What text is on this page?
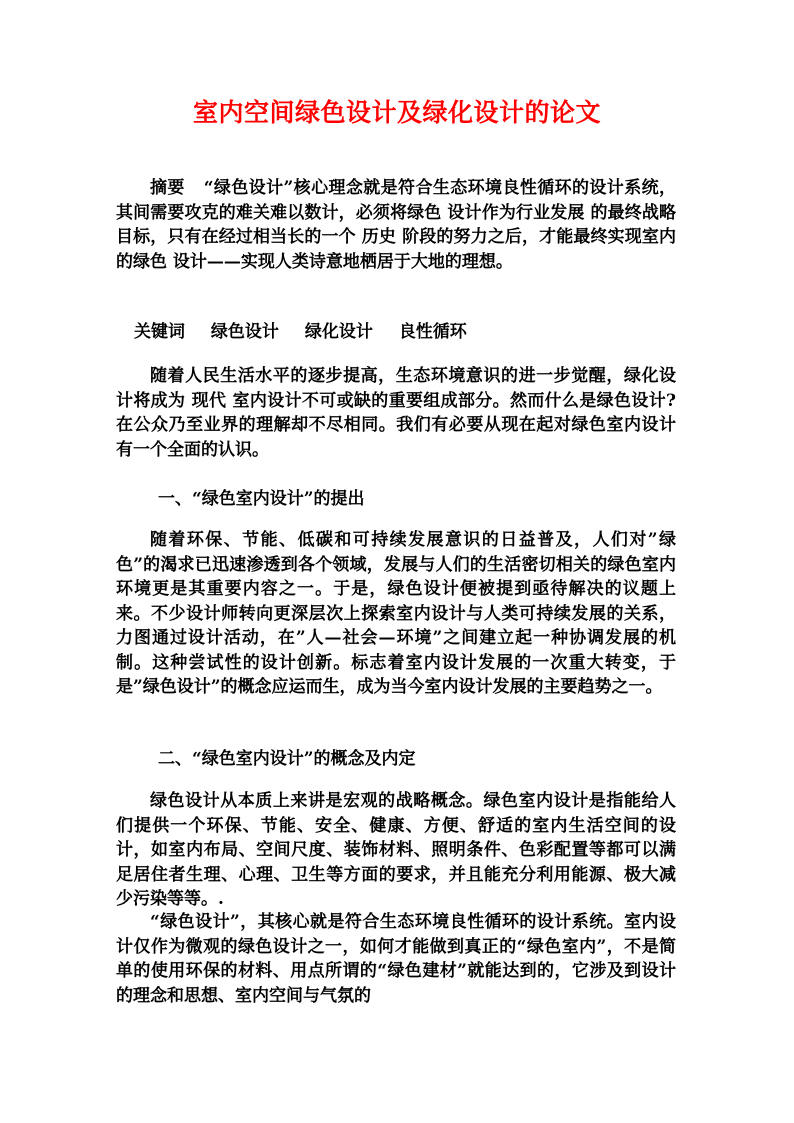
室内空间绿色设计及绿化设计的论文

摘要 “绿色设计”核心理念就是符合生态环境良性循环的设计系统，其间需要攻克的难关难以数计，必须将绿色 设计作为行业发展 的最终战略目标，只有在经过相当长的一个 历史 阶段的努力之后，才能最终实现室内的绿色 设计——实现人类诗意地栖居于大地的理想。

关键词 绿色设计 绿化设计 良性循环

随着人民生活水平的逐步提高，生态环境意识的进一步觉醒，绿化设计将成为 现代 室内设计不可或缺的重要组成部分。然而什么是绿色设计?在公众乃至业界的理解却不尽相同。我们有必要从现在起对绿色室内设计有一个全面的认识。

一、“绿色室内设计”的提出

随着环保、节能、低碳和可持续发展意识的日益普及，人们对”绿色”的渴求已迅速渗透到各个领域，发展与人们的生活密切相关的绿色室内环境更是其重要内容之一。于是，绿色设计便被提到亟待解决的议题上来。不少设计师转向更深层次上探索室内设计与人类可持续发展的关系，力图通过设计活动，在”人—社会—环境”之间建立起一种协调发展的机制。这种尝试性的设计创新。标志着室内设计发展的一次重大转变，于是”绿色设计”的概念应运而生，成为当今室内设计发展的主要趋势之一。

二、“绿色室内设计”的概念及内定

绿色设计从本质上来讲是宏观的战略概念。绿色室内设计是指能给人们提供一个环保、节能、安全、健康、方便、舒适的室内生活空间的设计，如室内布局、空间尺度、装饰材料、照明条件、色彩配置等都可以满足居住者生理、心理、卫生等方面的要求，并且能充分利用能源、极大减少污染等等。.

“绿色设计”，其核心就是符合生态环境良性循环的设计系统。室内设计仅作为微观的绿色设计之一，如何才能做到真正的“绿色室内”，不是简单的使用环保的材料、用点所谓的“绿色建材”就能达到的，它涉及到设计的理念和思想、室内空间与气氛的
